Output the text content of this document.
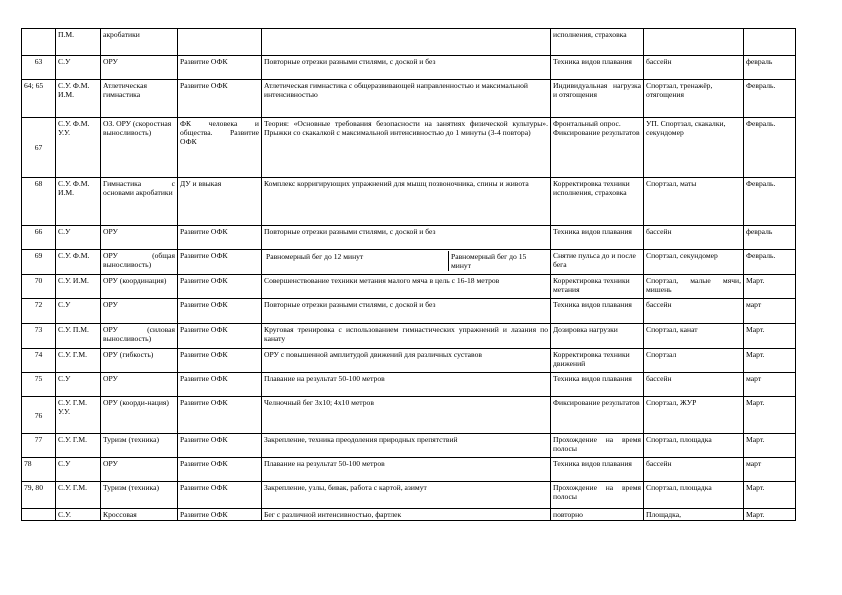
	П.М.	акробатики			исполнения, страховка		
63	С.У	ОРУ	Развитие ОФК	Повторные отрезки разными стилями, с доской и без	Техника видов плавания	бассейн	февраль
64; 65	С.У. Ф.М. И.М.	Атлетическая гимнастика	Развитие ОФК	Атлетическая гимнастика с общеразвивающей направленностью и максимальной интенсивностью	Индивидуальная нагрузка и отягощения	Спортзал, тренажёр, отягощения	Февраль.
67	С.У. Ф.М. У.У.	ОЗ. ОРУ (скоростная выносливость)	ФК человека и общества. Развитие ОФК	Теория: «Основные требования безопасности на занятиях физической культуры». Прыжки со скакалкой с максимальной интенсивностью до 1 минуты (3-4 повтора)	Фронтальный опрос. Фиксирование результатов	УП. Спортзал, скакалки, секундомер	Февраль.
68	С.У. Ф.М. И.М.	Гимнастика с основами акробатики	ДУ и ввыкая	Комплекс корригирующих упражнений для мышц позвоночника, спины и живота	Корректировка техники исполнения, страховка	Спортзал, маты	Февраль.
66	С.У	ОРУ	Развитие ОФК	Повторные отрезки разными стилями, с доской и без	Техника видов плавания	бассейн	февраль
69	С.У. Ф.М.	ОРУ (общая выносливость)	Развитие ОФК	Равномерный бег до 12 минут Равномерный бег до 15 минут	Снятие пульса до и после бега	Спортзал, секундомер	Февраль.
70	С.У. И.М.	ОРУ (координация)	Развитие ОФК	Совершенствование техники метания малого мяча в цель с 16-18 метров	Корректировка техники метания	Спортзал, малые мячи, мишень	Март.
72	С.У	ОРУ	Развитие ОФК	Повторные отрезки разными стилями, с доской и без	Техника видов плавания	бассейн	март
73	С.У. П.М.	ОРУ (силовая выносливость)	Развитие ОФК	Круговая тренировка с использованием гимнастических упражнений и лазания по канату	Дозировка нагрузки	Спортзал, канат	Март.
74	С.У. Г.М.	ОРУ (гибкость)	Развитие ОФК	ОРУ с повышенной амплитудой движений для различных суставов	Корректировка техники движений	Спортзал	Март.
75	С.У	ОРУ	Развитие ОФК	Плавание на результат 50-100 метров	Техника видов плавания	бассейн	март
76	С.У. Г.М. У.У.	ОРУ (коорди-нация)	Развитие ОФК	Челночный бег 3х10; 4х10 метров	Фиксирование результатов	Спортзал, ЖУР	Март.
77	С.У. Г.М.	Туризм (техника)	Развитие ОФК	Закрепление, техника преодоления природных препятствий	Прохождение на время полосы	Спортзал, площадка	Март.
78	С.У	ОРУ	Развитие ОФК	Плавание на результат 50-100 метров	Техника видов плавания	бассейн	март
79, 80	С.У. Г.М.	Туризм (техника)	Развитие ОФК	Закрепление, узлы, бивак, работа с картой, азимут	Прохождение на время полосы	Спортзал, площадка	Март.
	С.У.	Кроссовая	Развитие ОФК	Бег с различной интенсивностью, фартлек	повторно	Площадка,	Март.
